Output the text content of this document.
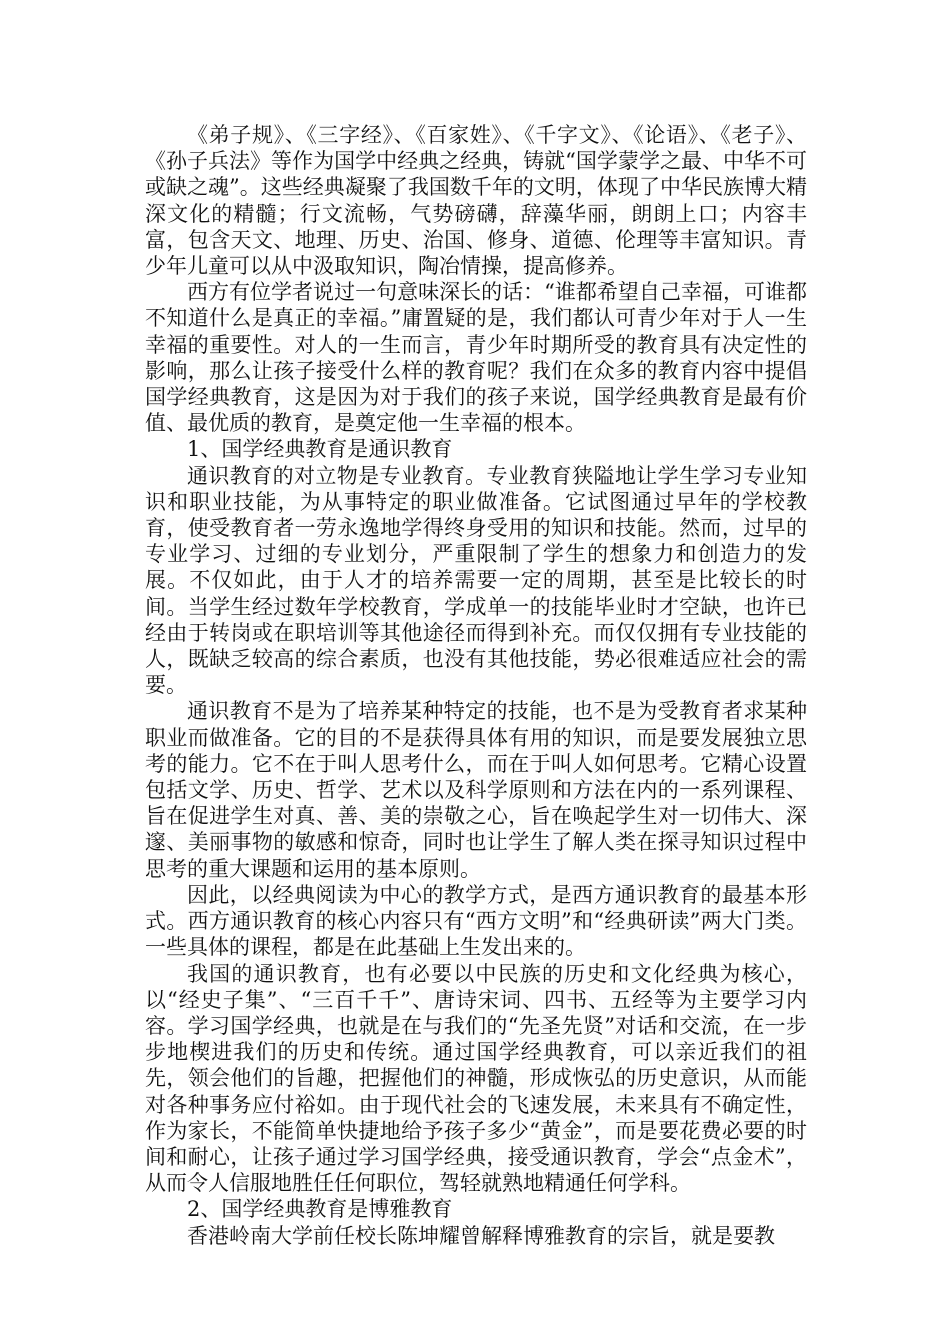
《弟子规》、《三字经》、《百家姓》、《千字文》、《论语》、《老子》、《孙子兵法》等作为国学中经典之经典，铸就“国学蒙学之最、中华不可或缺之魂”。这些经典凝聚了我国数千年的文明，体现了中华民族博大精深文化的精髓；行文流畅，气势磅礴，辞藻华丽，朗朗上口；内容丰富，包含天文、地理、历史、治国、修身、道德、伦理等丰富知识。青少年儿童可以从中汲取知识，陶冶情操，提高修养。

西方有位学者说过一句意味深长的话：“谁都希望自己幸福，可谁都不知道什么是真正的幸福。”庸置疑的是，我们都认可青少年对于人一生幸福的重要性。对人的一生而言，青少年时期所受的教育具有决定性的影响，那么让孩子接受什么样的教育呢？我们在众多的教育内容中提倡国学经典教育，这是因为对于我们的孩子来说，国学经典教育是最有价值、最优质的教育，是奠定他一生幸福的根本。

1、国学经典教育是通识教育

通识教育的对立物是专业教育。专业教育狭隘地让学生学习专业知识和职业技能，为从事特定的职业做准备。它试图通过早年的学校教育，使受教育者一劳永逸地学得终身受用的知识和技能。然而，过早的专业学习、过细的专业划分，严重限制了学生的想象力和创造力的发展。不仅如此，由于人才的培养需要一定的周期，甚至是比较长的时间。当学生经过数年学校教育，学成单一的技能毕业时才空缺，也许已经由于转岗或在职培训等其他途径而得到补充。而仅仅拥有专业技能的人，既缺乏较高的综合素质，也没有其他技能，势必很难适应社会的需要。

通识教育不是为了培养某种特定的技能，也不是为受教育者求某种职业而做准备。它的目的不是获得具体有用的知识，而是要发展独立思考的能力。它不在于叫人思考什么，而在于叫人如何思考。它精心设置包括文学、历史、哲学、艺术以及科学原则和方法在内的一系列课程、旨在促进学生对真、善、美的崇敬之心，旨在唤起学生对一切伟大、深邃、美丽事物的敏感和惊奇，同时也让学生了解人类在探寻知识过程中思考的重大课题和运用的基本原则。

因此，以经典阅读为中心的教学方式，是西方通识教育的最基本形式。西方通识教育的核心内容只有“西方文明”和“经典研读”两大门类。一些具体的课程，都是在此基础上生发出来的。

我国的通识教育，也有必要以中民族的历史和文化经典为核心，以“经史子集”、“三百千千”、唐诗宋词、四书、五经等为主要学习内容。学习国学经典，也就是在与我们的“先圣先贤”对话和交流，在一步步地楔进我们的历史和传统。通过国学经典教育，可以亲近我们的祖先，领会他们的旨趣，把握他们的神髓，形成恢弘的历史意识，从而能对各种事务应付裕如。由于现代社会的飞速发展，未来具有不确定性，作为家长，不能简单快捷地给予孩子多少“黄金”，而是要花费必要的时间和耐心，让孩子通过学习国学经典，接受通识教育，学会“点金术”，从而令人信服地胜任任何职位，驾轻就熟地精通任何学科。

2、国学经典教育是博雅教育

香港岭南大学前任校长陈坤耀曾解释博雅教育的宗旨，就是要教
